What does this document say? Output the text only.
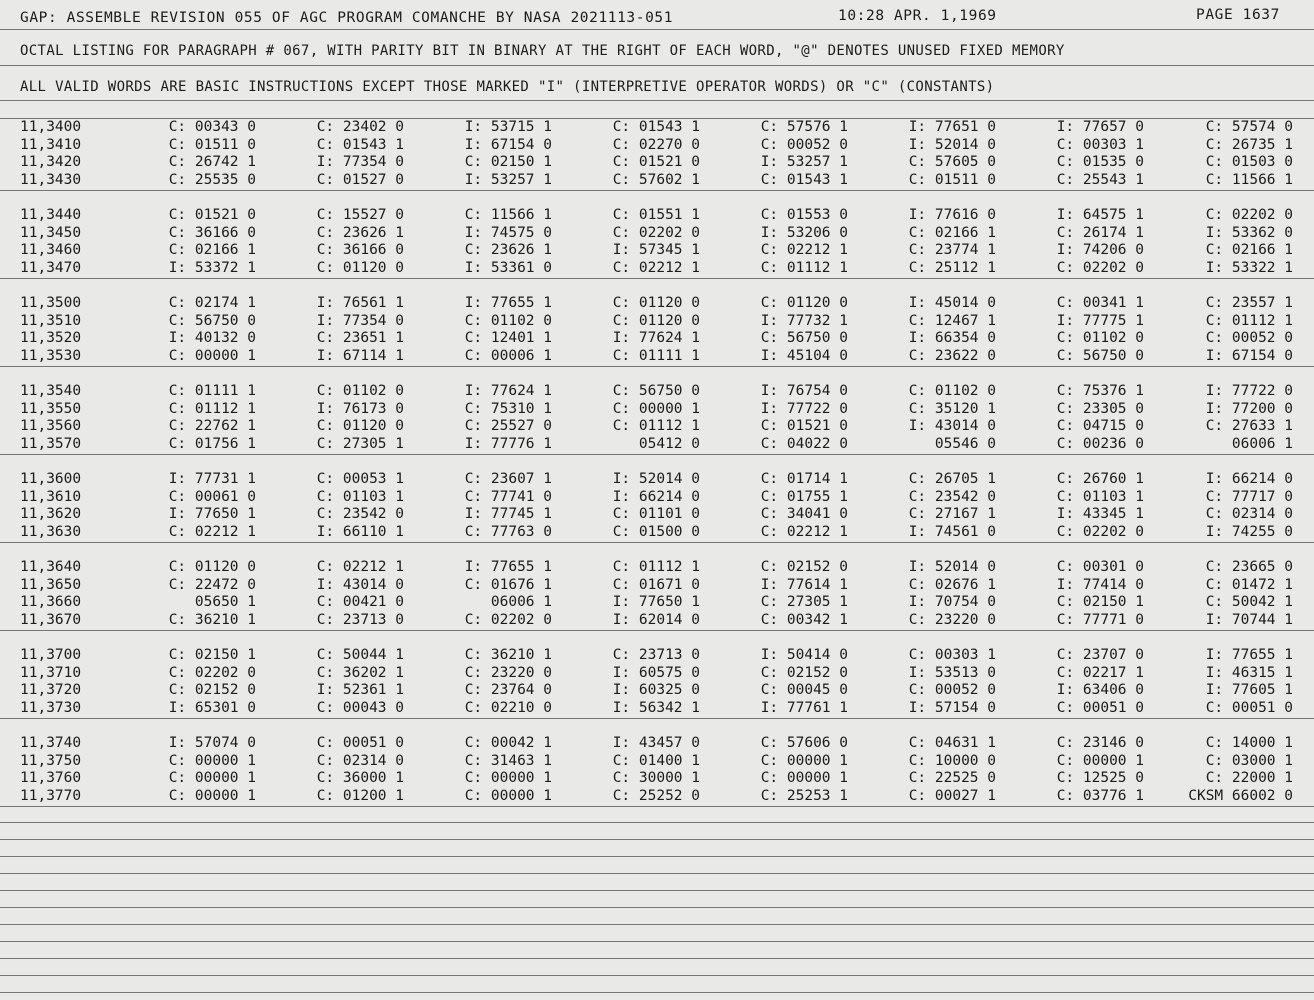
GAP: ASSEMBLE REVISION 055 OF AGC PROGRAM COMANCHE BY NASA 2021113-051	10:28 APR. 1,1969	PAGE 1637
OCTAL LISTING FOR PARAGRAPH # 067, WITH PARITY BIT IN BINARY AT THE RIGHT OF EACH WORD, "@" DENOTES UNUSED FIXED MEMORY
ALL VALID WORDS ARE BASIC INSTRUCTIONS EXCEPT THOSE MARKED "I" (INTERPRETIVE OPERATOR WORDS) OR "C" (CONSTANTS)
11,3400	C: 00343 0	C: 23402 0	I: 53715 1	C: 01543 1	C: 57576 1	I: 77651 0	I: 77657 0	C: 57574 0
11,3410	C: 01511 0	C: 01543 1	I: 67154 0	C: 02270 0	C: 00052 0	I: 52014 0	C: 00303 1	C: 26735 1
11,3420	C: 26742 1	I: 77354 0	C: 02150 1	C: 01521 0	I: 53257 1	C: 57605 0	C: 01535 0	C: 01503 0
11,3430	C: 25535 0	C: 01527 0	I: 53257 1	C: 57602 1	C: 01543 1	C: 01511 0	C: 25543 1	C: 11566 1
11,3440	C: 01521 0	C: 15527 0	C: 11566 1	C: 01551 1	C: 01553 0	I: 77616 0	I: 64575 1	C: 02202 0
11,3450	C: 36166 0	C: 23626 1	I: 74575 0	C: 02202 0	I: 53206 0	C: 02166 1	C: 26174 1	I: 53362 0
11,3460	C: 02166 1	C: 36166 0	C: 23626 1	I: 57345 1	C: 02212 1	C: 23774 1	I: 74206 0	C: 02166 1
11,3470	I: 53372 1	C: 01120 0	I: 53361 0	C: 02212 1	C: 01112 1	C: 25112 1	C: 02202 0	I: 53322 1
11,3500	C: 02174 1	I: 76561 1	I: 77655 1	C: 01120 0	C: 01120 0	I: 45014 0	C: 00341 1	C: 23557 1
11,3510	C: 56750 0	I: 77354 0	C: 01102 0	C: 01120 0	I: 77732 1	C: 12467 1	I: 77775 1	C: 01112 1
11,3520	I: 40132 0	C: 23651 1	C: 12401 1	I: 77624 1	C: 56750 0	I: 66354 0	C: 01102 0	C: 00052 0
11,3530	C: 00000 1	I: 67114 1	C: 00006 1	C: 01111 1	I: 45104 0	C: 23622 0	C: 56750 0	I: 67154 0
11,3540	C: 01111 1	C: 01102 0	I: 77624 1	C: 56750 0	I: 76754 0	C: 01102 0	C: 75376 1	I: 77722 0
11,3550	C: 01112 1	I: 76173 0	C: 75310 1	C: 00000 1	I: 77722 0	C: 35120 1	C: 23305 0	I: 77200 0
11,3560	C: 22762 1	C: 01120 0	C: 25527 0	C: 01112 1	C: 01521 0	I: 43014 0	C: 04715 0	C: 27633 1
11,3570	C: 01756 1	C: 27305 1	I: 77776 1	05412 0	C: 04022 0	05546 0	C: 00236 0	06006 1
11,3600	I: 77731 1	C: 00053 1	C: 23607 1	I: 52014 0	C: 01714 1	C: 26705 1	C: 26760 1	I: 66214 0
11,3610	C: 00061 0	C: 01103 1	C: 77741 0	I: 66214 0	C: 01755 1	C: 23542 0	C: 01103 1	C: 77717 0
11,3620	I: 77650 1	C: 23542 0	I: 77745 1	C: 01101 0	C: 34041 0	C: 27167 1	I: 43345 1	C: 02314 0
11,3630	C: 02212 1	I: 66110 1	C: 77763 0	C: 01500 0	C: 02212 1	I: 74561 0	C: 02202 0	I: 74255 0
11,3640	C: 01120 0	C: 02212 1	I: 77655 1	C: 01112 1	C: 02152 0	I: 52014 0	C: 00301 0	C: 23665 0
11,3650	C: 22472 0	I: 43014 0	C: 01676 1	C: 01671 0	I: 77614 1	C: 02676 1	I: 77414 0	C: 01472 1
11,3660	05650 1	C: 00421 0	06006 1	I: 77650 1	C: 27305 1	I: 70754 0	C: 02150 1	C: 50042 1
11,3670	C: 36210 1	C: 23713 0	C: 02202 0	I: 62014 0	C: 00342 1	C: 23220 0	C: 77771 0	I: 70744 1
11,3700	C: 02150 1	C: 50044 1	C: 36210 1	C: 23713 0	I: 50414 0	C: 00303 1	C: 23707 0	I: 77655 1
11,3710	C: 02202 0	C: 36202 1	C: 23220 0	I: 60575 0	C: 02152 0	I: 53513 0	C: 02217 1	I: 46315 1
11,3720	C: 02152 0	I: 52361 1	C: 23764 0	I: 60325 0	C: 00045 0	C: 00052 0	I: 63406 0	I: 77605 1
11,3730	I: 65301 0	C: 00043 0	C: 02210 0	I: 56342 1	I: 77761 1	I: 57154 0	C: 00051 0	C: 00051 0
11,3740	I: 57074 0	C: 00051 0	C: 00042 1	I: 43457 0	C: 57606 0	C: 04631 1	C: 23146 0	C: 14000 1
11,3750	C: 00000 1	C: 02314 0	C: 31463 1	C: 01400 1	C: 00000 1	C: 10000 0	C: 00000 1	C: 03000 1
11,3760	C: 00000 1	C: 36000 1	C: 00000 1	C: 30000 1	C: 00000 1	C: 22525 0	C: 12525 0	C: 22000 1
11,3770	C: 00000 1	C: 01200 1	C: 00000 1	C: 25252 0	C: 25253 1	C: 00027 1	C: 03776 1	CKSM 66002 0
